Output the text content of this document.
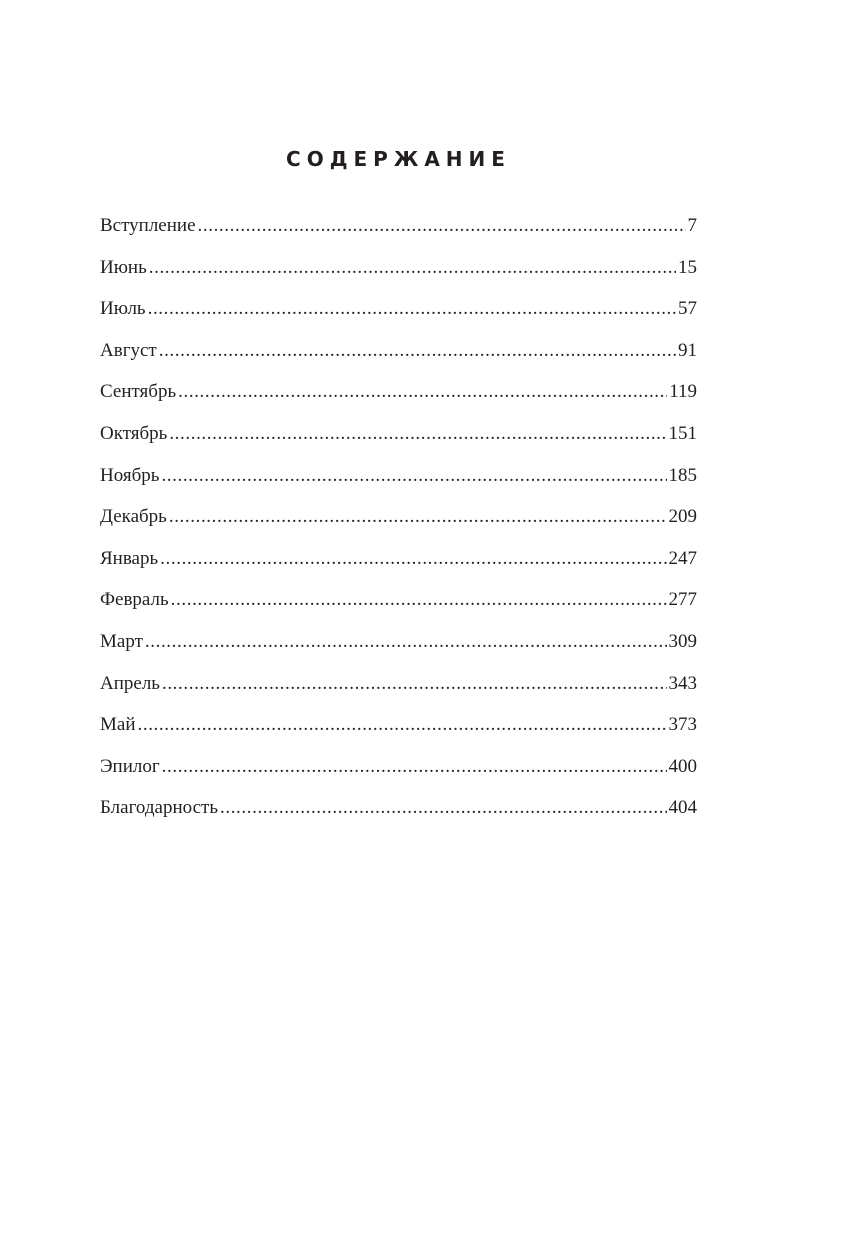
СОДЕРЖАНИЕ
Вступление .....	7
Июнь .....	15
Июль .....	57
Август .....	91
Сентябрь .....	119
Октябрь .....	151
Ноябрь .....	185
Декабрь .....	209
Январь .....	247
Февраль .....	277
Март .....	309
Апрель .....	343
Май .....	373
Эпилог .....	400
Благодарность .....	404
